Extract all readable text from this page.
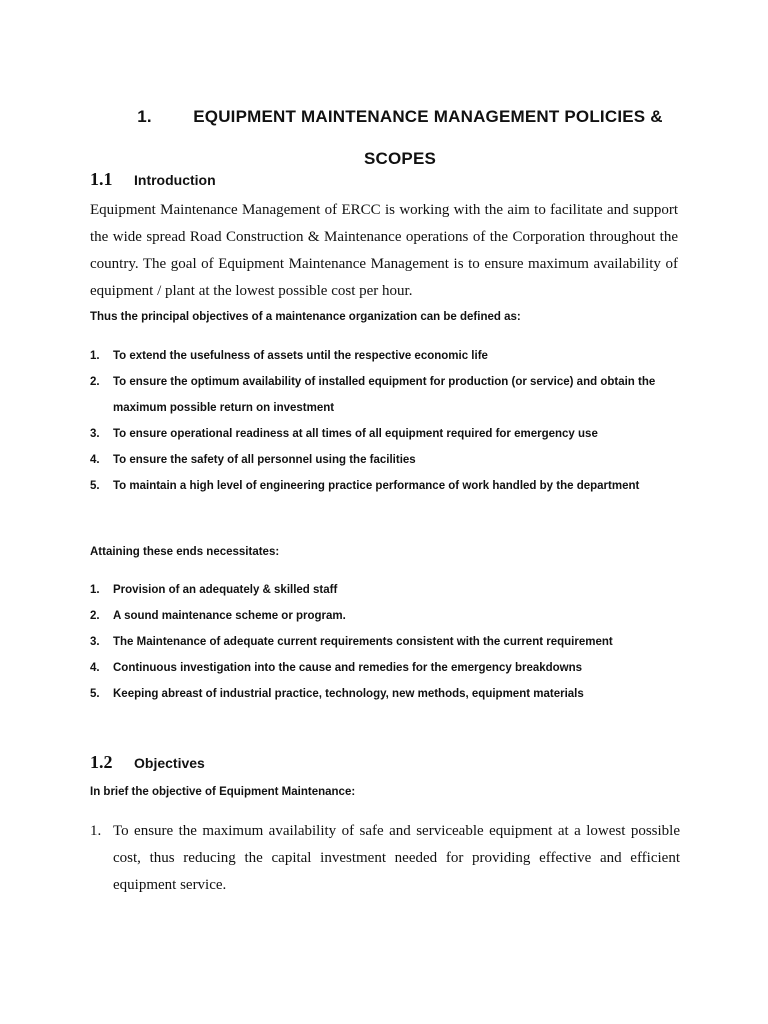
1. EQUIPMENT MAINTENANCE MANAGEMENT POLICIES &
SCOPES
1.1 Introduction

Equipment Maintenance Management of ERCC is working with the aim to facilitate and support the wide spread Road Construction & Maintenance operations of the Corporation throughout the country. The goal of Equipment Maintenance Management is to ensure maximum availability of equipment / plant at the lowest possible cost per hour.

Thus the principal objectives of a maintenance organization can be defined as:

1. To extend the usefulness of assets until the respective economic life
2. To ensure the optimum availability of installed equipment for production (or service) and obtain the maximum possible return on investment
3. To ensure operational readiness at all times of all equipment required for emergency use
4. To ensure the safety of all personnel using the facilities
5. To maintain a high level of engineering practice performance of work handled by the department

Attaining these ends necessitates:

1. Provision of an adequately & skilled staff
2. A sound maintenance scheme or program.
3. The Maintenance of adequate current requirements consistent with the current requirement
4. Continuous investigation into the cause and remedies for the emergency breakdowns
5. Keeping abreast of industrial practice, technology, new methods, equipment materials
1.2 Objectives

In brief the objective of Equipment Maintenance:

1. To ensure the maximum availability of safe and serviceable equipment at a lowest possible cost, thus reducing the capital investment needed for providing effective and efficient equipment service.
